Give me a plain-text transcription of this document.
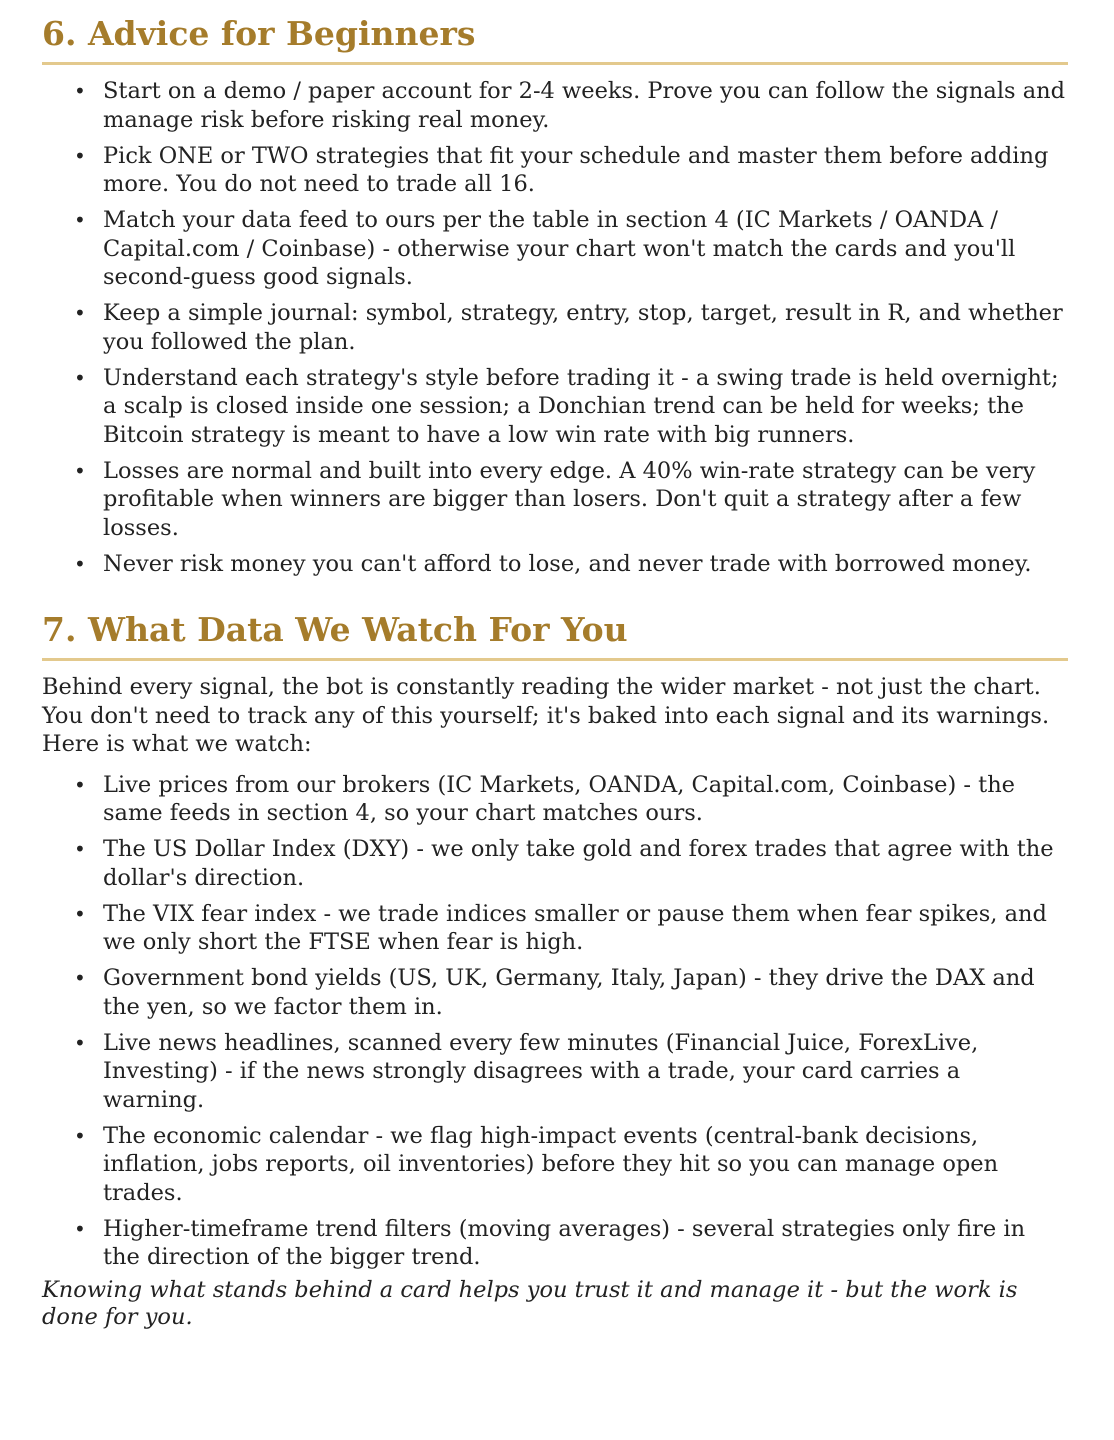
6. Advice for Beginners
• Start on a demo / paper account for 2-4 weeks. Prove you can follow the signals and manage risk before risking real money.
• Pick ONE or TWO strategies that fit your schedule and master them before adding more. You do not need to trade all 16.
• Match your data feed to ours per the table in section 4 (IC Markets / OANDA / Capital.com / Coinbase) - otherwise your chart won't match the cards and you'll second-guess good signals.
• Keep a simple journal: symbol, strategy, entry, stop, target, result in R, and whether you followed the plan.
• Understand each strategy's style before trading it - a swing trade is held overnight; a scalp is closed inside one session; a Donchian trend can be held for weeks; the Bitcoin strategy is meant to have a low win rate with big runners.
• Losses are normal and built into every edge. A 40% win-rate strategy can be very profitable when winners are bigger than losers. Don't quit a strategy after a few losses.
• Never risk money you can't afford to lose, and never trade with borrowed money.
7. What Data We Watch For You

Behind every signal, the bot is constantly reading the wider market - not just the chart. You don't need to track any of this yourself; it's baked into each signal and its warnings. Here is what we watch:

• Live prices from our brokers (IC Markets, OANDA, Capital.com, Coinbase) - the same feeds in section 4, so your chart matches ours.
• The US Dollar Index (DXY) - we only take gold and forex trades that agree with the dollar's direction.
• The VIX fear index - we trade indices smaller or pause them when fear spikes, and we only short the FTSE when fear is high.
• Government bond yields (US, UK, Germany, Italy, Japan) - they drive the DAX and the yen, so we factor them in.
• Live news headlines, scanned every few minutes (Financial Juice, ForexLive, Investing) - if the news strongly disagrees with a trade, your card carries a warning.
• The economic calendar - we flag high-impact events (central-bank decisions, inflation, jobs reports, oil inventories) before they hit so you can manage open trades.
• Higher-timeframe trend filters (moving averages) - several strategies only fire in the direction of the bigger trend.

Knowing what stands behind a card helps you trust it and manage it - but the work is done for you.
